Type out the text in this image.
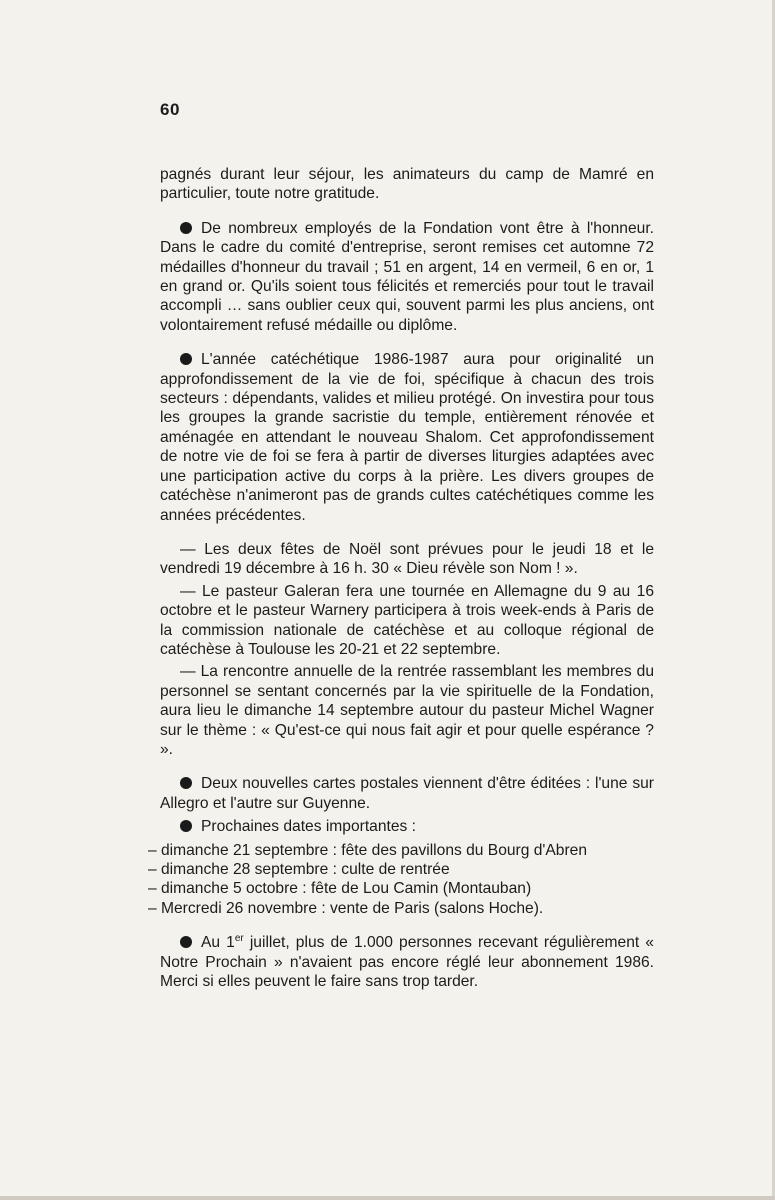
60

pagnés durant leur séjour, les animateurs du camp de Mamré en particulier, toute notre gratitude.

De nombreux employés de la Fondation vont être à l'honneur. Dans le cadre du comité d'entreprise, seront remises cet automne 72 médailles d'honneur du travail ; 51 en argent, 14 en vermeil, 6 en or, 1 en grand or. Qu'ils soient tous félicités et remerciés pour tout le travail accompli … sans oublier ceux qui, souvent parmi les plus anciens, ont volontairement refusé médaille ou diplôme.

L'année catéchétique 1986-1987 aura pour originalité un approfondissement de la vie de foi, spécifique à chacun des trois secteurs : dépendants, valides et milieu protégé. On investira pour tous les groupes la grande sacristie du temple, entièrement rénovée et aménagée en attendant le nouveau Shalom. Cet approfondissement de notre vie de foi se fera à partir de diverses liturgies adaptées avec une participation active du corps à la prière. Les divers groupes de catéchèse n'animeront pas de grands cultes catéchétiques comme les années précédentes.

— Les deux fêtes de Noël sont prévues pour le jeudi 18 et le vendredi 19 décembre à 16 h. 30 « Dieu révèle son Nom ! ».

— Le pasteur Galeran fera une tournée en Allemagne du 9 au 16 octobre et le pasteur Warnery participera à trois week-ends à Paris de la commission nationale de catéchèse et au colloque régional de catéchèse à Toulouse les 20-21 et 22 septembre.

— La rencontre annuelle de la rentrée rassemblant les membres du personnel se sentant concernés par la vie spirituelle de la Fondation, aura lieu le dimanche 14 septembre autour du pasteur Michel Wagner sur le thème : « Qu'est-ce qui nous fait agir et pour quelle espérance ? ».

Deux nouvelles cartes postales viennent d'être éditées : l'une sur Allegro et l'autre sur Guyenne.

Prochaines dates importantes :

– dimanche 21 septembre : fête des pavillons du Bourg d'Abren
– dimanche 28 septembre : culte de rentrée
– dimanche 5 octobre : fête de Lou Camin (Montauban)
– Mercredi 26 novembre : vente de Paris (salons Hoche).

Au 1er juillet, plus de 1.000 personnes recevant régulièrement « Notre Prochain » n'avaient pas encore réglé leur abonnement 1986. Merci si elles peuvent le faire sans trop tarder.
